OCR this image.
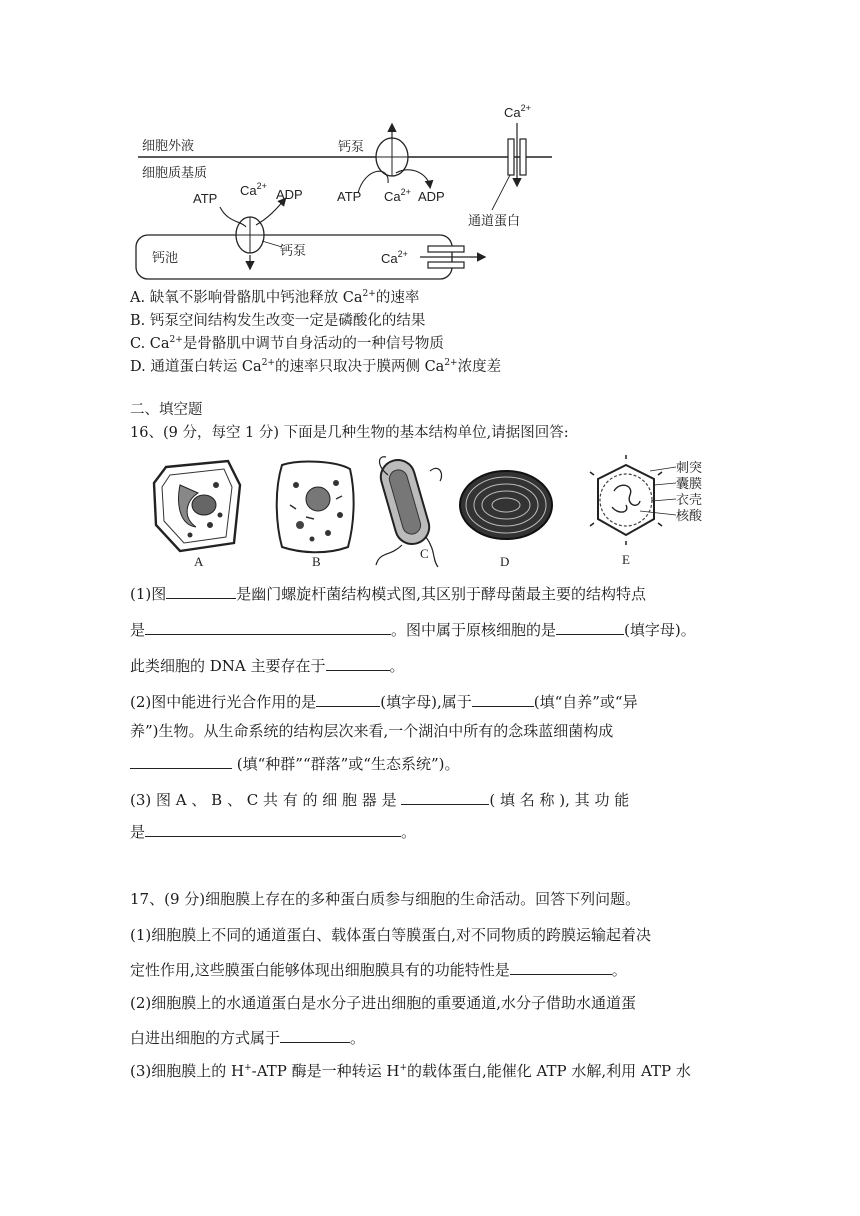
细胞外液
细胞质基质
钙泵
ATP $Ca^{2+}$ ADP
$Ca^{2+}$
通道蛋白
钙池
ATP
$Ca^{2+}$
ADP
钙泵
$Ca^{2+}$
A. 缺氧不影响骨骼肌中钙池释放 $Ca^{2+}$的速率
B. 钙泵空间结构发生改变一定是磷酸化的结果
C. $Ca^{2+}$是骨骼肌中调节自身活动的一种信号物质
D. 通道蛋白转运 $Ca^{2+}$的速率只取决于膜两侧 $Ca^{2+}$浓度差
二、填空题
16、(9 分，每空 1 分) 下面是几种生物的基本结构单位,请据图回答:
刺突
囊膜
衣壳
核酸
A	B
C
D	E
(1)图	是幽门螺旋杆菌结构模式图,其区别于酵母菌最主要的结构特点
是	。图中属于原核细胞的是	(填字母)。
此类细胞的 DNA 主要存在于	。
(2)图中能进行光合作用的是	(填字母),属于	(填“自养”或“异
养”)生物。从生命系统的结构层次来看,一个湖泊中所有的念珠蓝细菌构成
(填“种群”“群落”或“生态系统”)。
(3) 图 A 、 B 、 C 共 有 的 细 胞 器 是	( 填 名 称 ), 其 功 能
是	。
17、(9 分)细胞膜上存在的多种蛋白质参与细胞的生命活动。回答下列问题。
(1)细胞膜上不同的通道蛋白、载体蛋白等膜蛋白,对不同物质的跨膜运输起着决
定性作用,这些膜蛋白能够体现出细胞膜具有的功能特性是	。
(2)细胞膜上的水通道蛋白是水分子进出细胞的重要通道,水分子借助水通道蛋
白进出细胞的方式属于	。
(3)细胞膜上的 H+-ATP 酶是一种转运 H+的载体蛋白,能催化 ATP 水解,利用 ATP 水
